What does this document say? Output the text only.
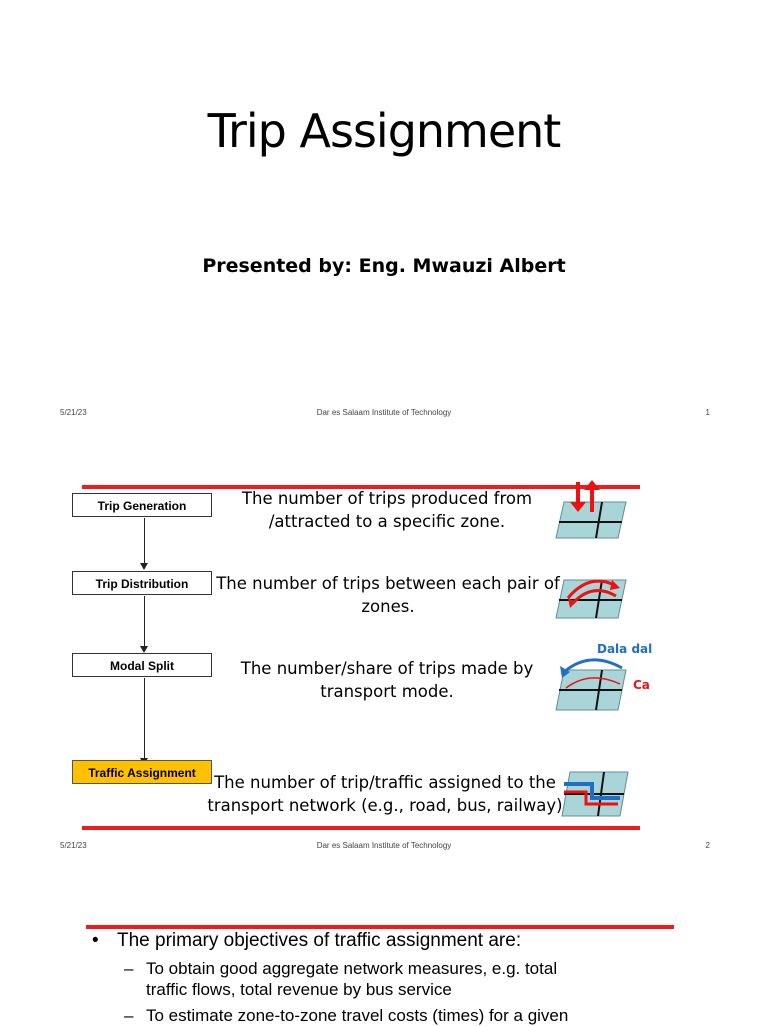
Trip Assignment
Presented by: Eng. Mwauzi Albert
5/21/23	Dar es Salaam Institute of Technology	1
Trip Generation
Trip Distribution
Modal Split
Traffic Assignment
The number of trips produced from
/attracted to a specific zone.
The number of trips between each pair of
zones.
The number/share of trips made by
transport mode.
The number of trip/traffic assigned to the
transport network (e.g., road, bus, railway)
Dala dal
Ca
5/21/23	Dar es Salaam Institute of Technology	2
• The primary objectives of traffic assignment are:
– To obtain good aggregate network measures, e.g. total
traffic flows, total revenue by bus service
– To estimate zone-to-zone travel costs (times) for a given
